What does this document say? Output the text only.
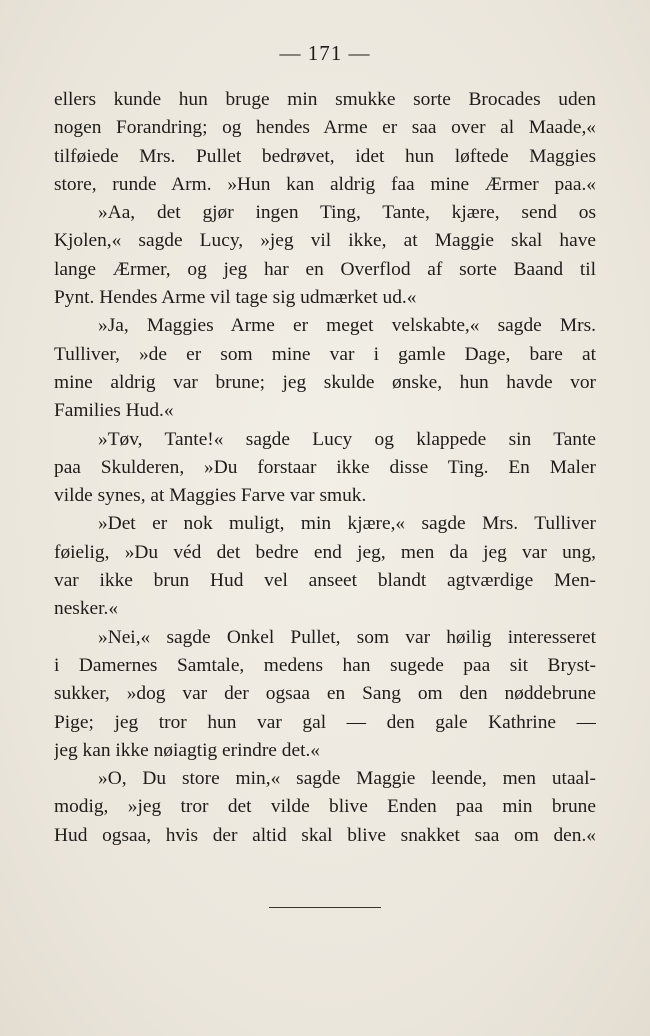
— 171 —
ellers kunde hun bruge min smukke sorte Brocades uden
nogen Forandring; og hendes Arme er saa over al Maade,«
tilføiede Mrs. Pullet bedrøvet, idet hun løftede Maggies
store, runde Arm. »Hun kan aldrig faa mine Ærmer paa.«
»Aa, det gjør ingen Ting, Tante, kjære, send os
Kjolen,« sagde Lucy, »jeg vil ikke, at Maggie skal have
lange Ærmer, og jeg har en Overflod af sorte Baand til
Pynt. Hendes Arme vil tage sig udmærket ud.«
»Ja, Maggies Arme er meget velskabte,« sagde Mrs.
Tulliver, »de er som mine var i gamle Dage, bare at
mine aldrig var brune; jeg skulde ønske, hun havde vor
Families Hud.«
»Tøv, Tante!« sagde Lucy og klappede sin Tante
paa Skulderen, »Du forstaar ikke disse Ting. En Maler
vilde synes, at Maggies Farve var smuk.
»Det er nok muligt, min kjære,« sagde Mrs. Tulliver
føielig, »Du véd det bedre end jeg, men da jeg var ung,
var ikke brun Hud vel anseet blandt agtværdige Men-
nesker.«
»Nei,« sagde Onkel Pullet, som var høilig interesseret
i Damernes Samtale, medens han sugede paa sit Bryst-
sukker, »dog var der ogsaa en Sang om den nøddebrune
Pige; jeg tror hun var gal — den gale Kathrine —
jeg kan ikke nøiagtig erindre det.«
»O, Du store min,« sagde Maggie leende, men utaal-
modig, »jeg tror det vilde blive Enden paa min brune
Hud ogsaa, hvis der altid skal blive snakket saa om den.«
